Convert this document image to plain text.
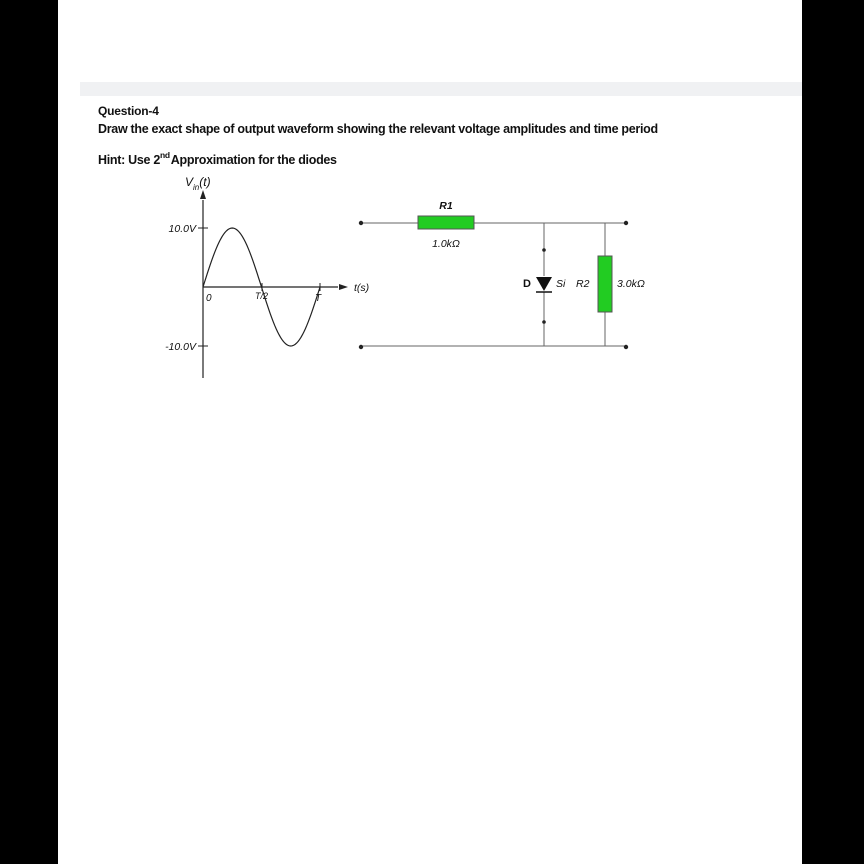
Question-4
Draw the exact shape of output waveform showing the relevant voltage amplitudes and time period
Hint: Use 2ndApproximation for the diodes
$V_{in}(t)$
10.0V
-10.0V
0	T/2	T
t(s)
R1
1.0kΩ
D Si R2	3.0kΩ
